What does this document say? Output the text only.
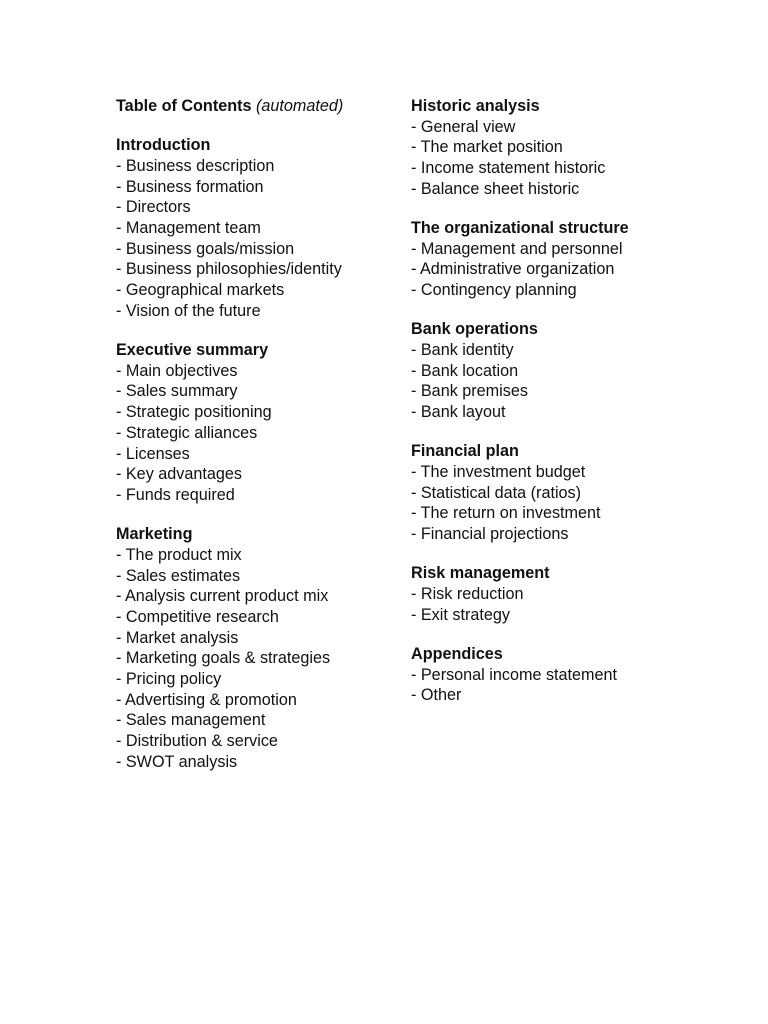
Table of Contents (automated)

Introduction

- Business description

- Business formation

- Directors

- Management team

- Business goals/mission

- Business philosophies/identity

- Geographical markets

- Vision of the future

Executive summary

- Main objectives

- Sales summary

- Strategic positioning

- Strategic alliances

- Licenses

- Key advantages

- Funds required

Marketing

- The product mix

- Sales estimates

- Analysis current product mix

- Competitive research

- Market analysis

- Marketing goals & strategies

- Pricing policy

- Advertising & promotion

- Sales management

- Distribution & service

- SWOT analysis

Historic analysis

- General view

- The market position

- Income statement historic

- Balance sheet historic

The organizational structure

- Management and personnel

- Administrative organization

- Contingency planning

Bank operations

- Bank identity

- Bank location

- Bank premises

- Bank layout

Financial plan

- The investment budget

- Statistical data (ratios)

- The return on investment

- Financial projections

Risk management

- Risk reduction

- Exit strategy

Appendices

- Personal income statement

- Other
